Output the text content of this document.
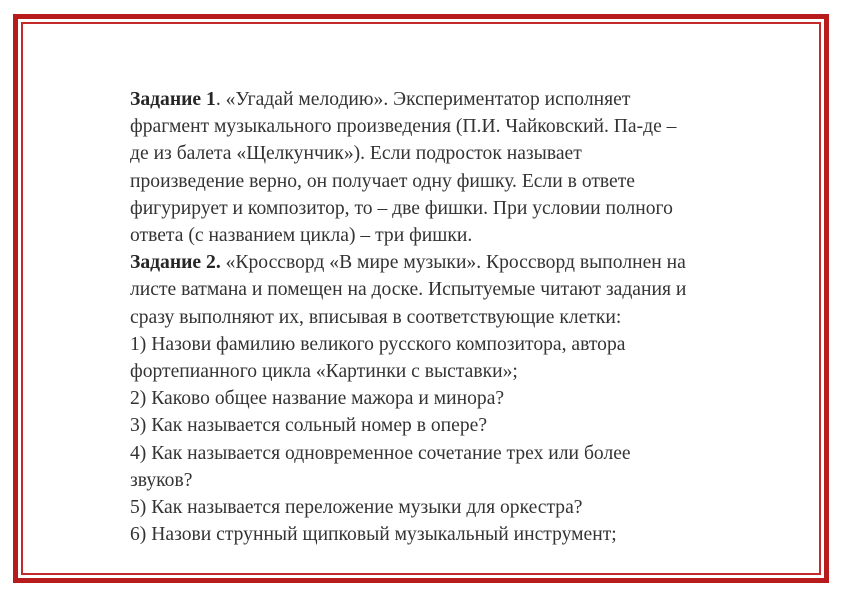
Задание 1. «Угадай мелодию». Экспериментатор исполняет
фрагмент музыкального произведения (П.И. Чайковский. Па-де –
де из балета «Щелкунчик»). Если подросток называет
произведение верно, он получает одну фишку. Если в ответе
фигурирует и композитор, то – две фишки. При условии полного
ответа (с названием цикла) – три фишки.
Задание 2. «Кроссворд «В мире музыки». Кроссворд выполнен на
листе ватмана и помещен на доске. Испытуемые читают задания и
сразу выполняют их, вписывая в соответствующие клетки:
1) Назови фамилию великого русского композитора, автора
фортепианного цикла «Картинки с выставки»;
2) Каково общее название мажора и минора?
3) Как называется сольный номер в опере?
4) Как называется одновременное сочетание трех или более
звуков?
5) Как называется переложение музыки для оркестра?
6) Назови струнный щипковый музыкальный инструмент;
